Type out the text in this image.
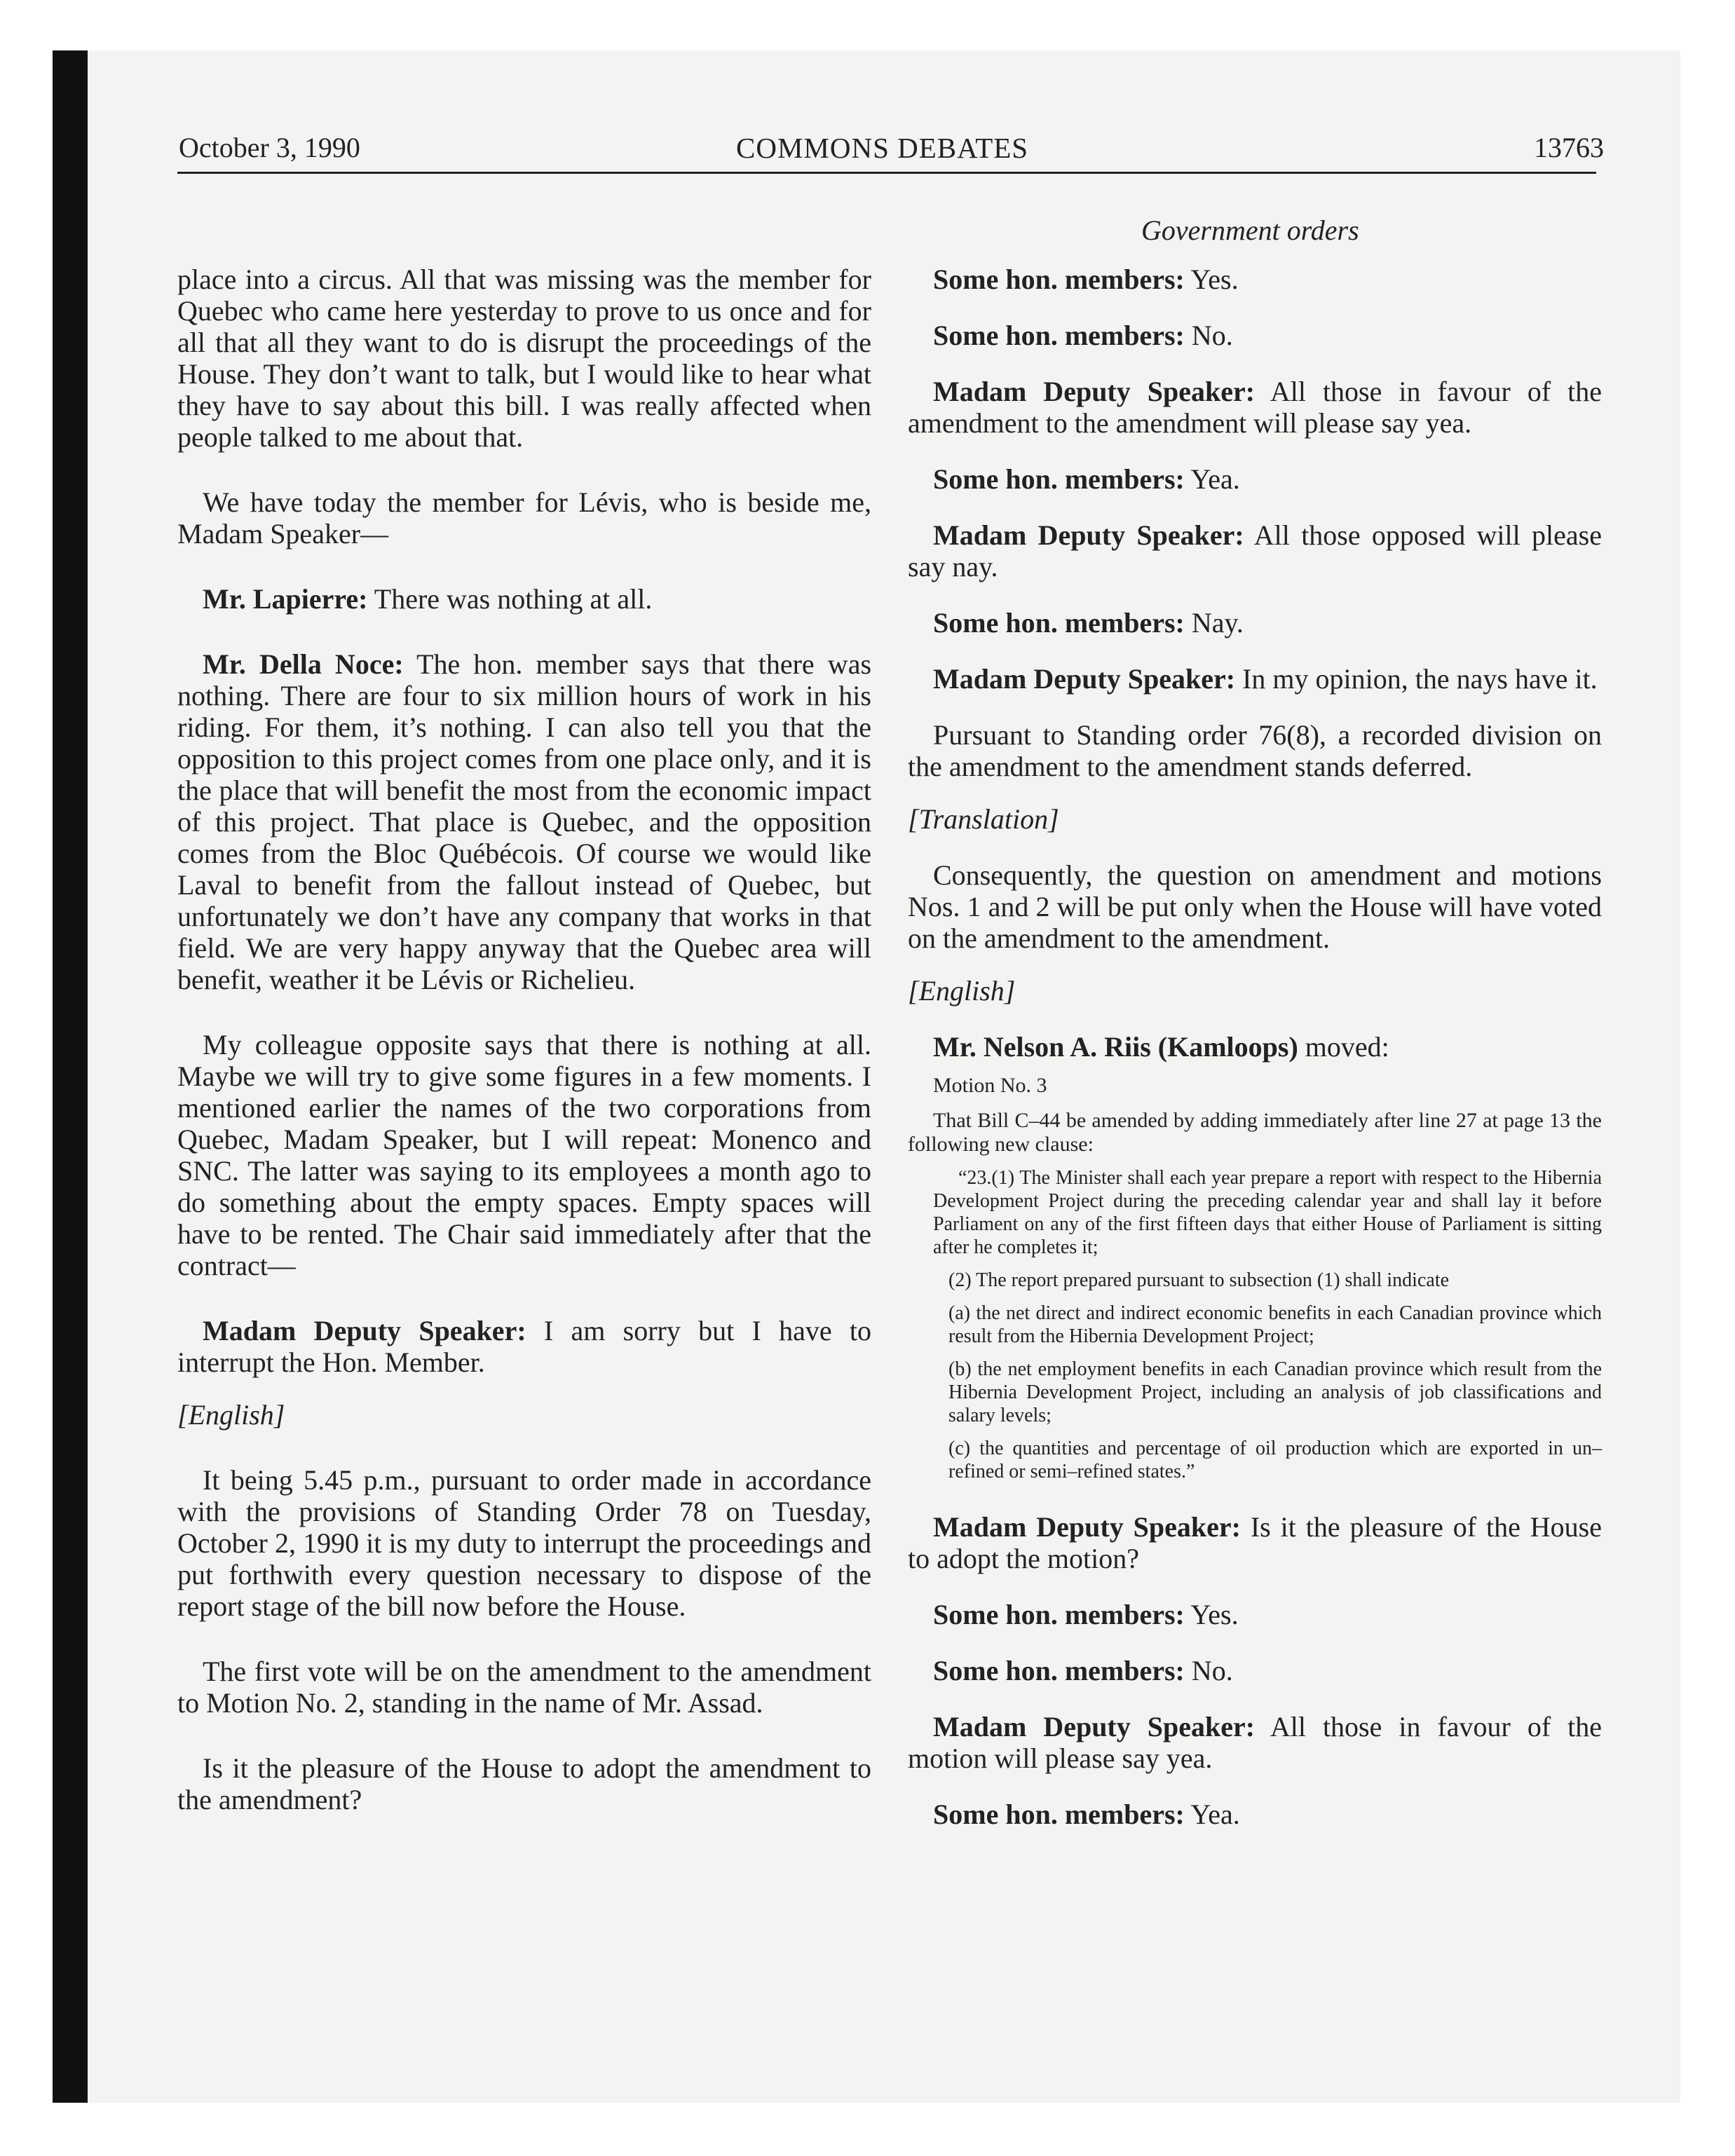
October 3, 1990	COMMONS DEBATES	13763
Government orders

place into a circus. All that was missing was the member for Quebec who came here yesterday to prove to us once and for all that all they want to do is disrupt the proceedings of the House. They don’t want to talk, but I would like to hear what they have to say about this bill. I was really affected when people talked to me about that.

We have today the member for Lévis, who is beside me, Madam Speaker—

Mr. Lapierre: There was nothing at all.

Mr. Della Noce: The hon. member says that there was nothing. There are four to six million hours of work in his riding. For them, it’s nothing. I can also tell you that the opposition to this project comes from one place only, and it is the place that will benefit the most from the economic impact of this project. That place is Quebec, and the opposition comes from the Bloc Québécois. Of course we would like Laval to benefit from the fallout instead of Quebec, but unfortunately we don’t have any company that works in that field. We are very happy anyway that the Quebec area will benefit, weather it be Lévis or Richelieu.

My colleague opposite says that there is nothing at all. Maybe we will try to give some figures in a few moments. I mentioned earlier the names of the two corporations from Quebec, Madam Speaker, but I will repeat: Monenco and SNC. The latter was saying to its employees a month ago to do something about the empty spaces. Empty spaces will have to be rented. The Chair said immediately after that the contract—

Madam Deputy Speaker: I am sorry but I have to interrupt the Hon. Member.

[English]

It being 5.45 p.m., pursuant to order made in accordance with the provisions of Standing Order 78 on Tuesday, October 2, 1990 it is my duty to interrupt the proceedings and put forthwith every question necessary to dispose of the report stage of the bill now before the House.

The first vote will be on the amendment to the amendment to Motion No. 2, standing in the name of Mr. Assad.

Is it the pleasure of the House to adopt the amendment to the amendment?

Some hon. members: Yes.

Some hon. members: No.

Madam Deputy Speaker: All those in favour of the amendment to the amendment will please say yea.

Some hon. members: Yea.

Madam Deputy Speaker: All those opposed will please say nay.

Some hon. members: Nay.

Madam Deputy Speaker: In my opinion, the nays have it.

Pursuant to Standing order 76(8), a recorded division on the amendment to the amendment stands deferred.

[Translation]

Consequently, the question on amendment and motions Nos. 1 and 2 will be put only when the House will have voted on the amendment to the amendment.

[English]

Mr. Nelson A. Riis (Kamloops) moved:

Motion No. 3

That Bill C–44 be amended by adding immediately after line 27 at page 13 the following new clause:

“23.(1) The Minister shall each year prepare a report with respect to the Hibernia Development Project during the preceding calendar year and shall lay it before Parliament on any of the first fifteen days that either House of Parliament is sitting after he completes it;

(2) The report prepared pursuant to subsection (1) shall indicate

(a) the net direct and indirect economic benefits in each Canadian province which result from the Hibernia Development Project;

(b) the net employment benefits in each Canadian province which result from the Hibernia Development Project, including an analysis of job classifications and salary levels;

(c) the quantities and percentage of oil production which are exported in un–refined or semi–refined states.”

Madam Deputy Speaker: Is it the pleasure of the House to adopt the motion?

Some hon. members: Yes.

Some hon. members: No.

Madam Deputy Speaker: All those in favour of the motion will please say yea.

Some hon. members: Yea.
